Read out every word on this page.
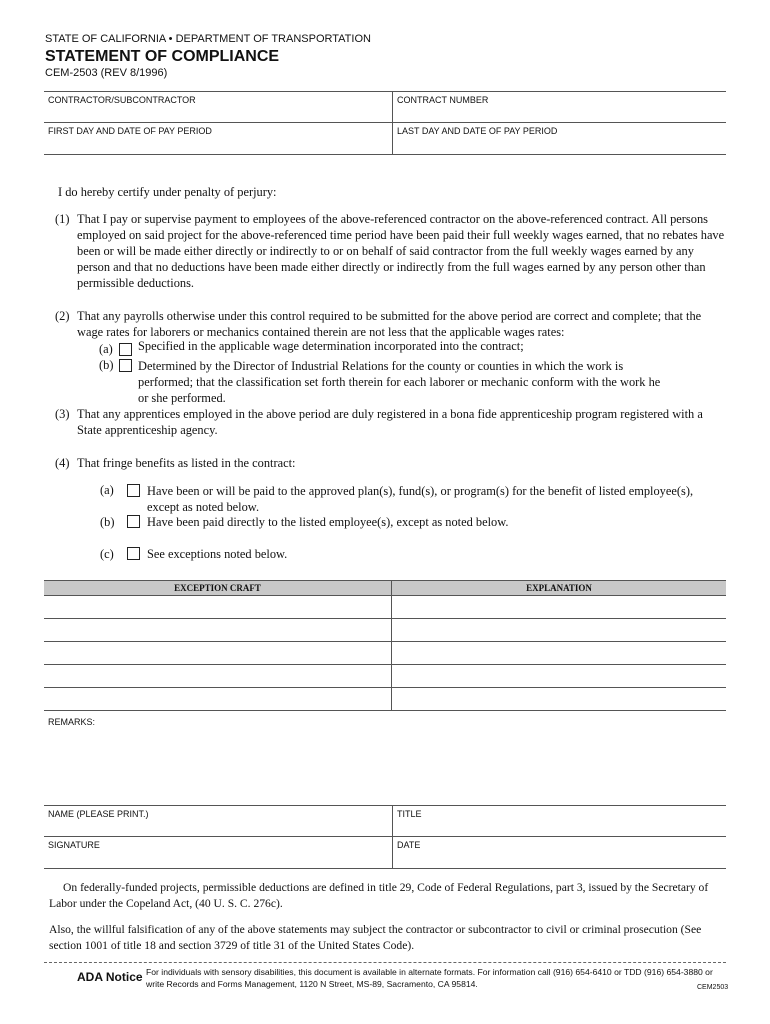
STATE OF CALIFORNIA • DEPARTMENT OF TRANSPORTATION
STATEMENT OF COMPLIANCE
CEM-2503 (REV 8/1996)
CONTRACTOR/SUBCONTRACTOR	CONTRACT NUMBER
FIRST DAY AND DATE OF PAY PERIOD	LAST DAY AND DATE OF PAY PERIOD
I do hereby certify under penalty of perjury:
(1) That I pay or supervise payment to employees of the above-referenced contractor on the above-referenced contract. All persons employed on said project for the above-referenced time period have been paid their full weekly wages earned, that no rebates have been or will be made either directly or indirectly to or on behalf of said contractor from the full weekly wages earned by any person and that no deductions have been made either directly or indirectly from the full wages earned by any person other than permissible deductions.
(2) That any payrolls otherwise under this control required to be submitted for the above period are correct and complete; that the wage rates for laborers or mechanics contained therein are not less that the applicable wages rates:
(a) Specified in the applicable wage determination incorporated into the contract;
(b) Determined by the Director of Industrial Relations for the county or counties in which the work is performed; that the classification set forth therein for each laborer or mechanic conform with the work he or she performed.
(3) That any apprentices employed in the above period are duly registered in a bona fide apprenticeship program registered with a State apprenticeship agency.
(4) That fringe benefits as listed in the contract:
(a)	Have been or will be paid to the approved plan(s), fund(s), or program(s) for the benefit of listed employee(s), except as noted below.
(b)	Have been paid directly to the listed employee(s), except as noted below.
(c)	See exceptions noted below.
EXCEPTION CRAFT	EXPLANATION

REMARKS:
NAME (PLEASE PRINT.)	TITLE
SIGNATURE	DATE
On federally-funded projects, permissible deductions are defined in title 29, Code of Federal Regulations, part 3, issued by the Secretary of Labor under the Copeland Act, (40 U. S. C. 276c).
Also, the willful falsification of any of the above statements may subject the contractor or subcontractor to civil or criminal prosecution (See section 1001 of title 18 and section 3729 of title 31 of the United States Code).
ADA Notice For individuals with sensory disabilities, this document is available in alternate formats. For information call (916) 654-6410 or TDD (916) 654-3880 or write Records and Forms Management, 1120 N Street, MS-89, Sacramento, CA 95814.	CEM2503
